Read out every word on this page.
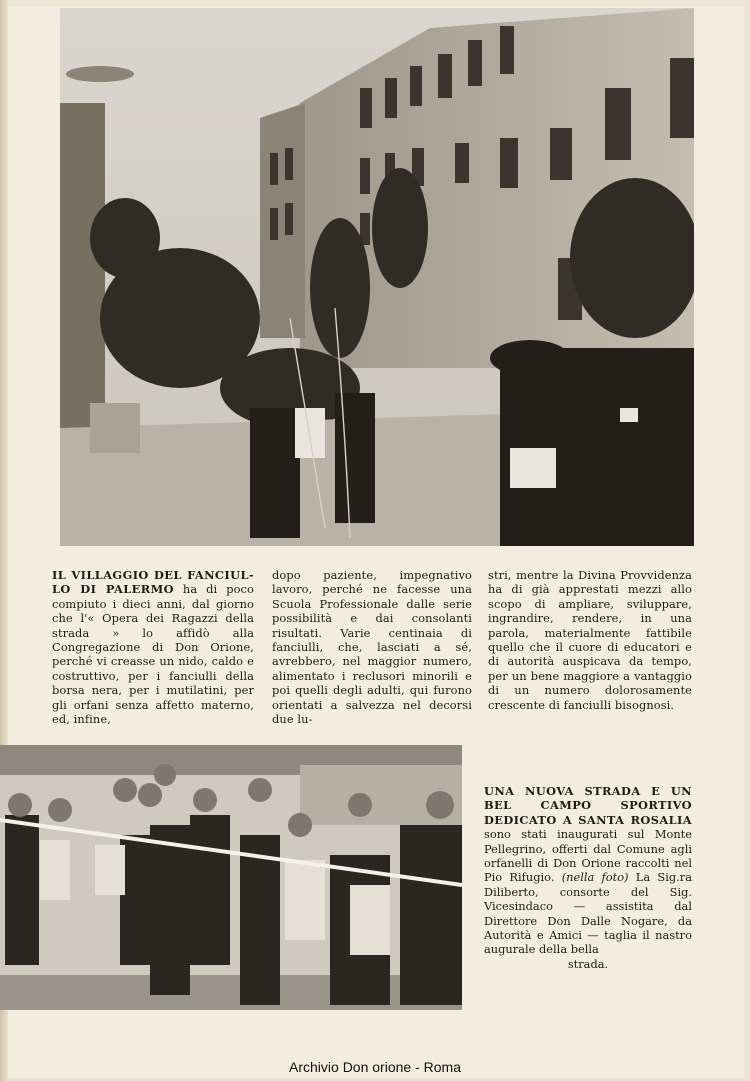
IL VILLAGGIO DEL FANCIUL-LO DI PALERMO ha di poco compiuto i dieci anni, dal giorno che l'« Opera dei Ragazzi della strada » lo affidò alla Congregazione di Don Orione, perché vi creasse un nido, caldo e costruttivo, per i fanciulli della borsa nera, per i mutilatini, per gli orfani senza affetto materno, ed, infine,

dopo paziente, impegnativo lavoro, perché ne facesse una Scuola Professionale dalle serie possibilità e dai consolanti risultati. Varie centinaia di fanciulli, che, lasciati a sé, avrebbero, nel maggior numero, alimentato i reclusori minorili e poi quelli degli adulti, qui furono orientati a salvezza nel decorsi due lu-

stri, mentre la Divina Provvidenza ha di già apprestati mezzi allo scopo di ampliare, sviluppare, ingrandire, rendere, in una parola, materialmente fattibile quello che il cuore di educatori e di autorità auspicava da tempo, per un bene maggiore a vantaggio di un numero dolorosamente crescente di fanciulli bisognosi.

UNA NUOVA STRADA E UN BEL CAMPO SPORTIVO DEDICATO A SANTA ROSALIA sono stati inaugurati sul Monte Pellegrino, offerti dal Comune agli orfanelli di Don Orione raccolti nel Pio Rifugio. (nella foto) La Sig.ra Diliberto, consorte del Sig. Vicesindaco — assistita dal Direttore Don Dalle Nogare, da Autorità e Amici — taglia il nastro augurale della bella
strada.
Archivio Don orione - Roma
